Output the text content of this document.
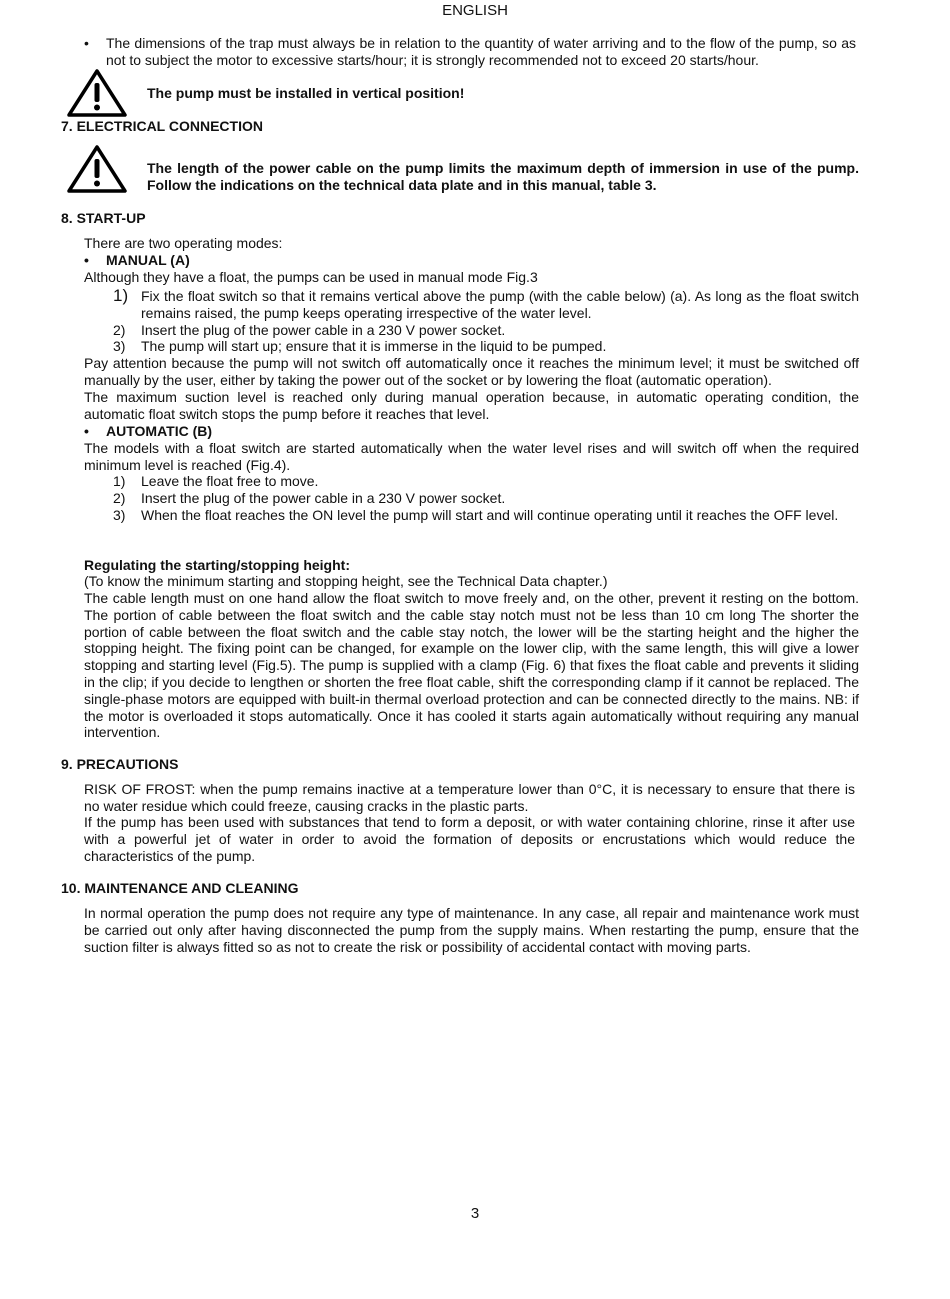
ENGLISH
•	The dimensions of the trap must always be in relation to the quantity of water arriving and to the flow of the pump, so as not to subject the motor to excessive starts/hour; it is strongly recommended not to exceed 20 starts/hour.
The pump must be installed in vertical position!
7. ELECTRICAL CONNECTION
The length of the power cable on the pump limits the maximum depth of immersion in use of the pump. Follow the indications on the technical data plate and in this manual, table 3.
8. START-UP
There are two operating modes:
•	MANUAL (A)
Although they have a float, the pumps can be used in manual mode Fig.3
1) Fix the float switch so that it remains vertical above the pump (with the cable below) (a). As long as the float switch remains raised, the pump keeps operating irrespective of the water level.
2)	Insert the plug of the power cable in a 230 V power socket.
3)	The pump will start up; ensure that it is immerse in the liquid to be pumped.
Pay attention because the pump will not switch off automatically once it reaches the minimum level; it must be switched off manually by the user, either by taking the power out of the socket or by lowering the float (automatic operation).
The maximum suction level is reached only during manual operation because, in automatic operating condition, the automatic float switch stops the pump before it reaches that level.
•	AUTOMATIC (B)
The models with a float switch are started automatically when the water level rises and will switch off when the required minimum level is reached (Fig.4).
1)	Leave the float free to move.
2)	Insert the plug of the power cable in a 230 V power socket.
3)	When the float reaches the ON level the pump will start and will continue operating until it reaches the OFF level.
Regulating the starting/stopping height:
(To know the minimum starting and stopping height, see the Technical Data chapter.)
The cable length must on one hand allow the float switch to move freely and, on the other, prevent it resting on the bottom. The portion of cable between the float switch and the cable stay notch must not be less than 10 cm long The shorter the portion of cable between the float switch and the cable stay notch, the lower will be the starting height and the higher the stopping height. The fixing point can be changed, for example on the lower clip, with the same length, this will give a lower stopping and starting level (Fig.5). The pump is supplied with a clamp (Fig. 6) that fixes the float cable and prevents it sliding in the clip; if you decide to lengthen or shorten the free float cable, shift the corresponding clamp if it cannot be replaced. The single-phase motors are equipped with built-in thermal overload protection and can be connected directly to the mains. NB: if the motor is overloaded it stops automatically. Once it has cooled it starts again automatically without requiring any manual intervention.
9. PRECAUTIONS
RISK OF FROST: when the pump remains inactive at a temperature lower than 0°C, it is necessary to ensure that there is no water residue which could freeze, causing cracks in the plastic parts.
If the pump has been used with substances that tend to form a deposit, or with water containing chlorine, rinse it after use with a powerful jet of water in order to avoid the formation of deposits or encrustations which would reduce the characteristics of the pump.
10. MAINTENANCE AND CLEANING
In normal operation the pump does not require any type of maintenance. In any case, all repair and maintenance work must be carried out only after having disconnected the pump from the supply mains. When restarting the pump, ensure that the suction filter is always fitted so as not to create the risk or possibility of accidental contact with moving parts.
3
